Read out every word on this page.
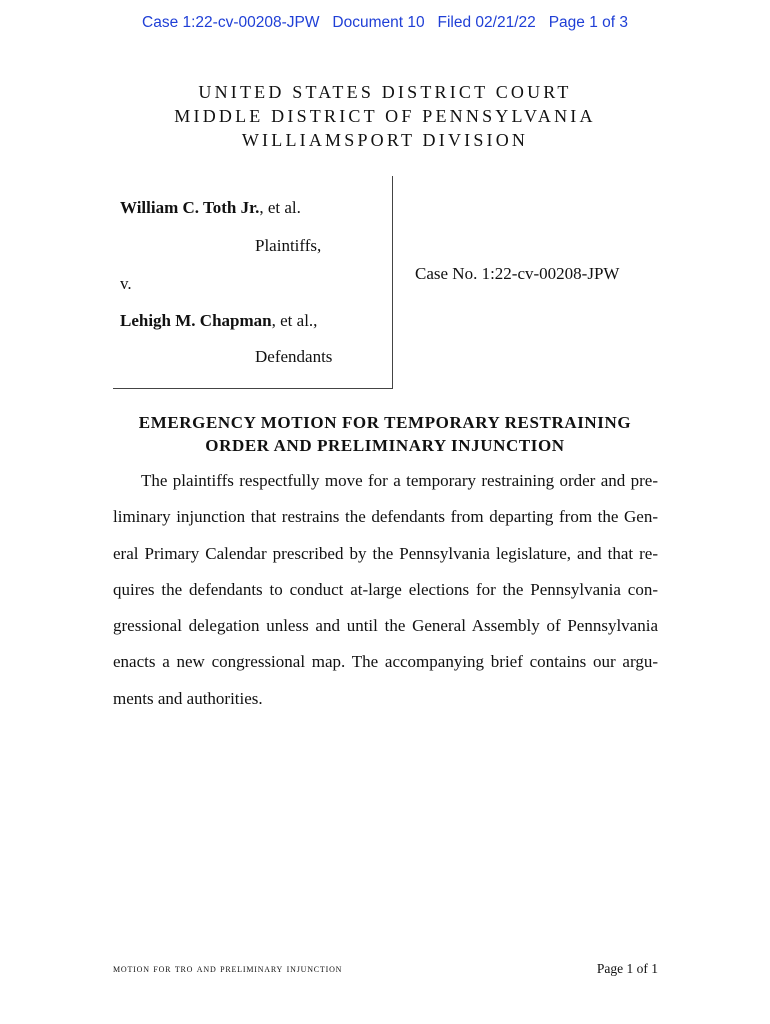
Case 1:22-cv-00208-JPW Document 10 Filed 02/21/22 Page 1 of 3
UNITED STATES DISTRICT COURT
MIDDLE DISTRICT OF PENNSYLVANIA
WILLIAMSPORT DIVISION
William C. Toth Jr., et al.
Plaintiffs,
v.
Lehigh M. Chapman, et al.,
Defendants
Case No. 1:22-cv-00208-JPW
EMERGENCY MOTION FOR TEMPORARY RESTRAINING
ORDER AND PRELIMINARY INJUNCTION
The plaintiffs respectfully move for a temporary restraining order and pre-
liminary injunction that restrains the defendants from departing from the Gen-
eral Primary Calendar prescribed by the Pennsylvania legislature, and that re-
quires the defendants to conduct at-large elections for the Pennsylvania con-
gressional delegation unless and until the General Assembly of Pennsylvania
enacts a new congressional map. The accompanying brief contains our argu-
ments and authorities.
motion for tro and preliminary injunction	Page 1 of 1
